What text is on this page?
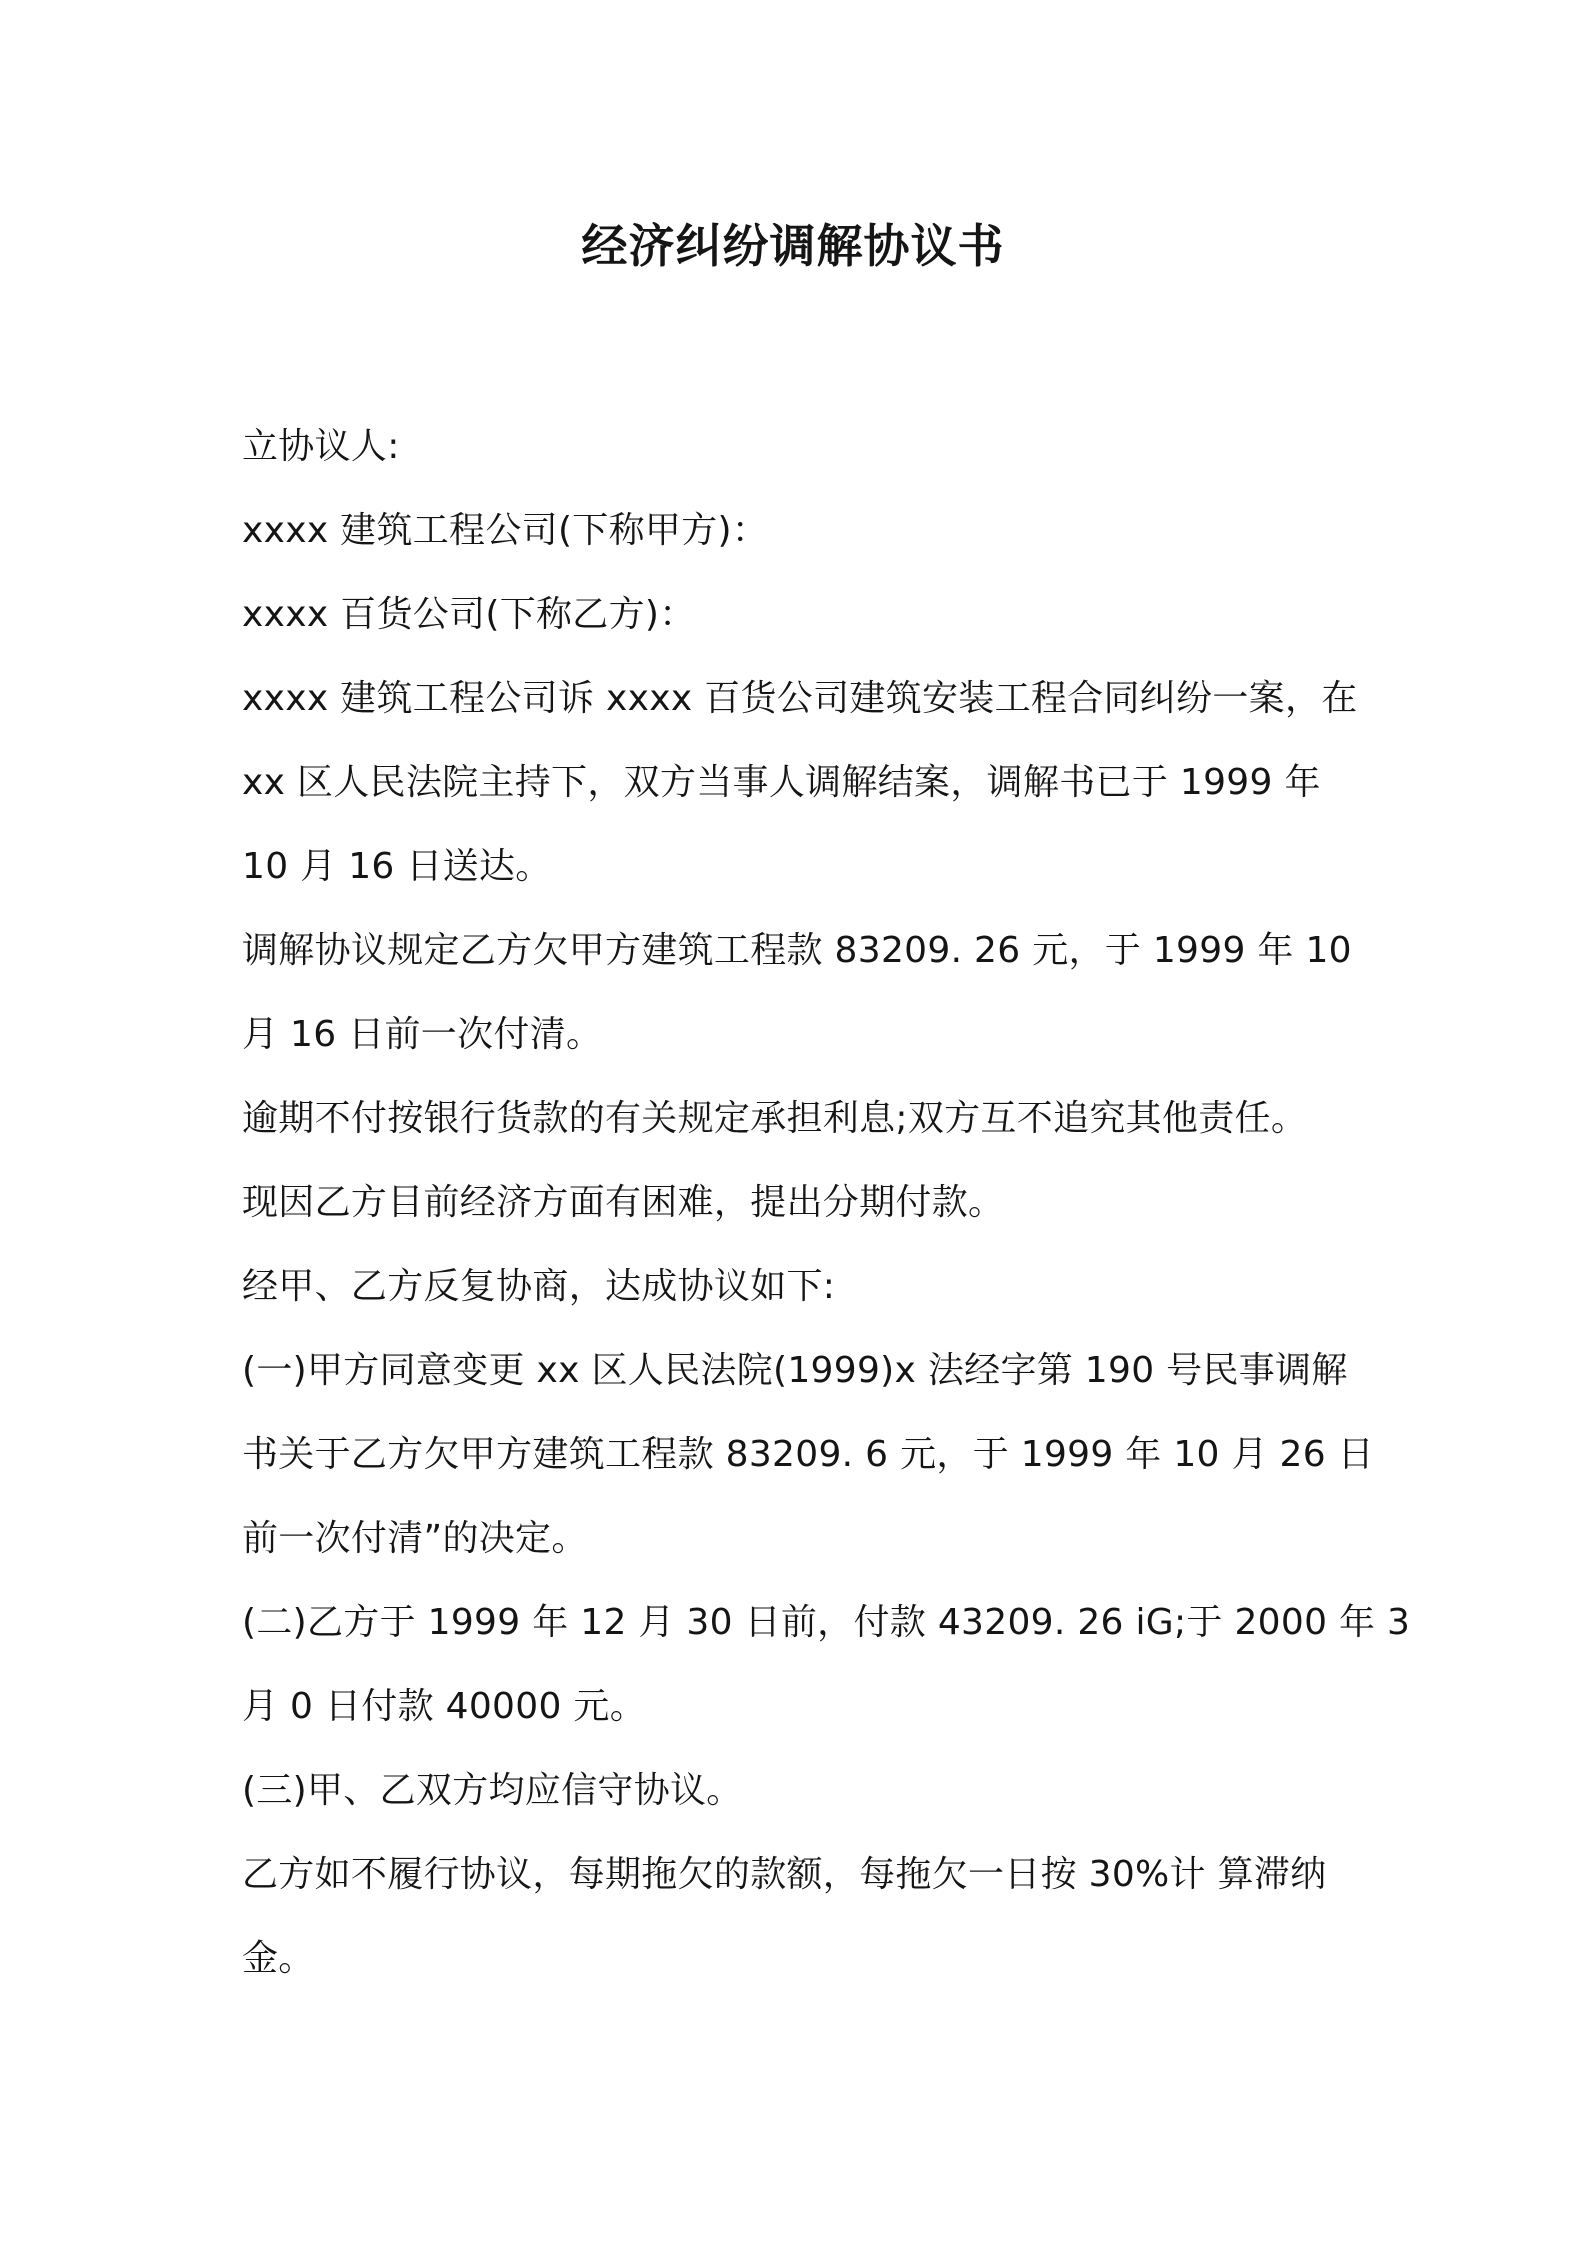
经济纠纷调解协议书

立协议人:

xxxx 建筑工程公司(下称甲方)：

xxxx 百货公司(下称乙方)：

xxxx 建筑工程公司诉 xxxx 百货公司建筑安装工程合同纠纷一案，在

xx 区人民法院主持下，双方当事人调解结案，调解书已于 1999 年

10 月 16 日送达。

调解协议规定乙方欠甲方建筑工程款 83209. 26 元，于 1999 年 10

月 16 日前一次付清。

逾期不付按银行货款的有关规定承担利息;双方互不追究其他责任。

现因乙方目前经济方面有困难，提出分期付款。

经甲、乙方反复协商，达成协议如下:

(一)甲方同意变更 xx 区人民法院(1999)x 法经字第 190 号民事调解

书关于乙方欠甲方建筑工程款 83209. 6 元，于 1999 年 10 月 26 日

前一次付清”的决定。

(二)乙方于 1999 年 12 月 30 日前，付款 43209. 26 iG;于 2000 年 3

月 0 日付款 40000 元。

(三)甲、乙双方均应信守协议。

乙方如不履行协议，每期拖欠的款额，每拖欠一日按 30%计 算滞纳

金。
